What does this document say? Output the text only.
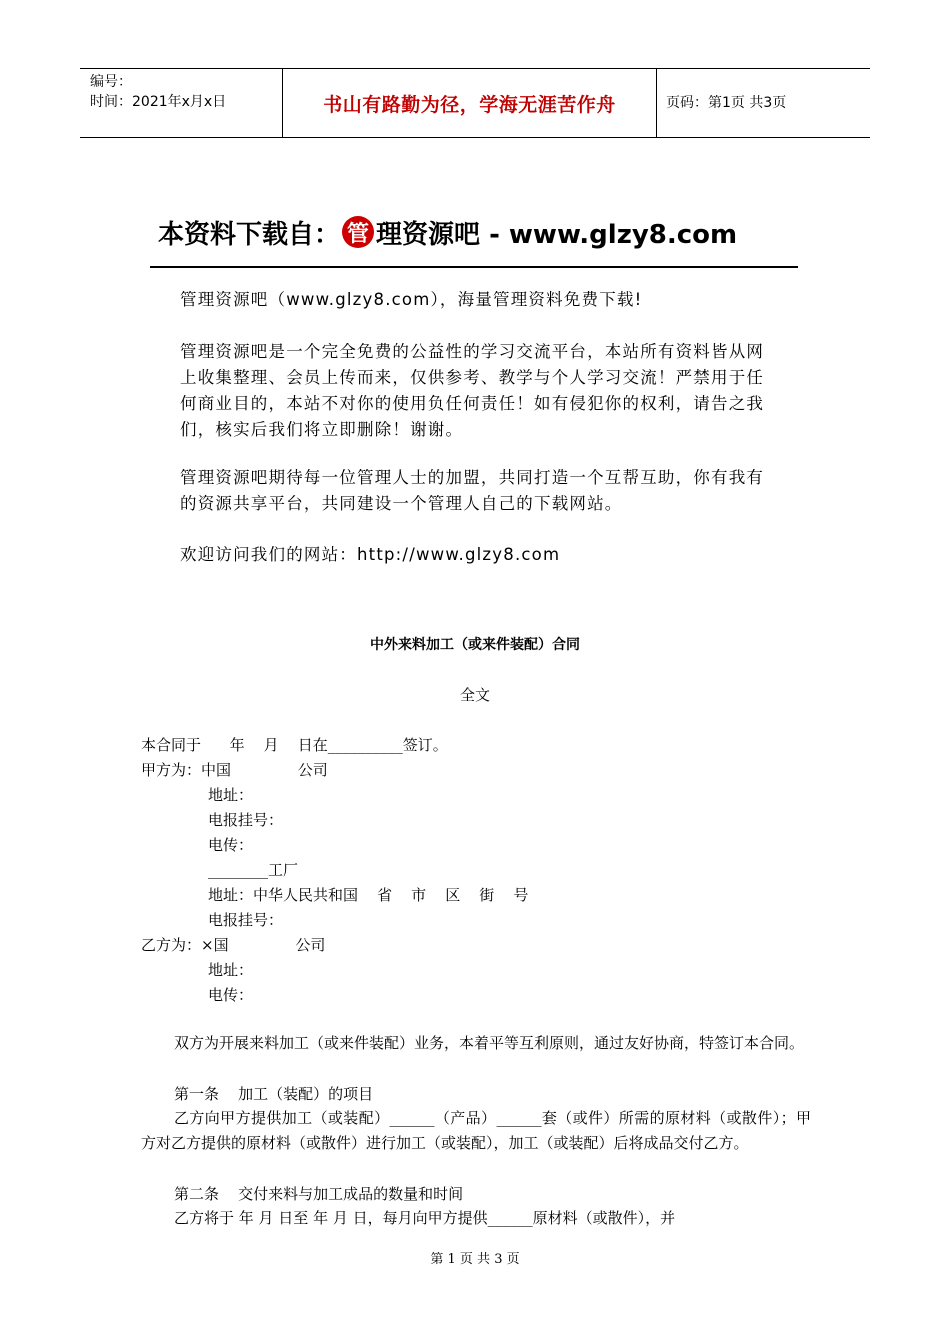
编号：
时间：2021年x月x日	书山有路勤为径，学海无涯苦作舟	页码：第1页 共3页
本资料下载自： 管 理资源吧 - www.glzy8.com

管理资源吧（www.glzy8.com），海量管理资料免费下载!

管理资源吧是一个完全免费的公益性的学习交流平台，本站所有资料皆从网上收集整理、会员上传而来，仅供参考、教学与个人学习交流！严禁用于任何商业目的，本站不对你的使用负任何责任！如有侵犯你的权利，请告之我们，核实后我们将立即删除！谢谢。

管理资源吧期待每一位管理人士的加盟，共同打造一个互帮互助，你有我有的资源共享平台，共同建设一个管理人自己的下载网站。

欢迎访问我们的网站：http://www.glzy8.com

中外来料加工（或来件装配）合同
全文
本合同于      年    月    日在__________签订。
甲方为：中国              公司
地址：
电报挂号：
电传：
________工厂
地址：中华人民共和国    省    市    区    街    号
电报挂号：
乙方为：×国              公司
地址：
电传：

双方为开展来料加工（或来件装配）业务，本着平等互利原则，通过友好协商，特签订本合同。

第一条    加工（装配）的项目

乙方向甲方提供加工（或装配）______（产品）______套（或件）所需的原材料（或散件）；甲方对乙方提供的原材料（或散件）进行加工（或装配），加工（或装配）后将成品交付乙方。

第二条    交付来料与加工成品的数量和时间

乙方将于 年 月 日至 年 月 日，每月向甲方提供______原材料（或散件），并

第 1 页 共 3 页
